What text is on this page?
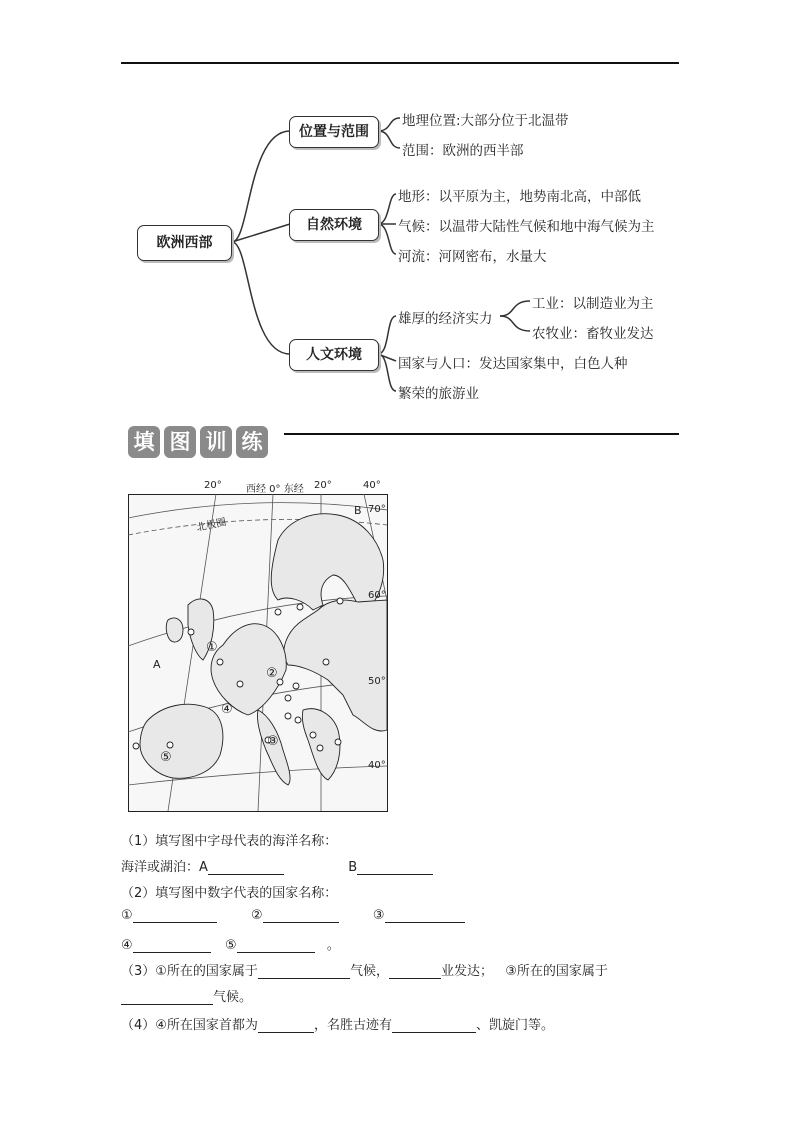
欧洲西部
位置与范围
自然环境
人文环境
地理位置:大部分位于北温带
范围：欧洲的西半部
地形：以平原为主，地势南北高，中部低
气候：以温带大陆性气候和地中海气候为主
河流：河网密布，水量大
雄厚的经济实力
国家与人口：发达国家集中，白色人种
繁荣的旅游业
工业：以制造业为主
农牧业：畜牧业发达
填 图 训 练
20° 西经 0° 东经 20°	40°
70°
60°
50°
40°
北极圈
A
B
①
②
③
④
⑤
（1）填写图中字母代表的海洋名称：
海洋或湖泊：A	B
（2）填写图中数字代表的国家名称：
①	②	③
④	⑤	。
（3）①所在的国家属于	气候，	业发达； ③所在的国家属于
气候。
（4）④所在国家首都为	，名胜古迹有	、凯旋门等。
